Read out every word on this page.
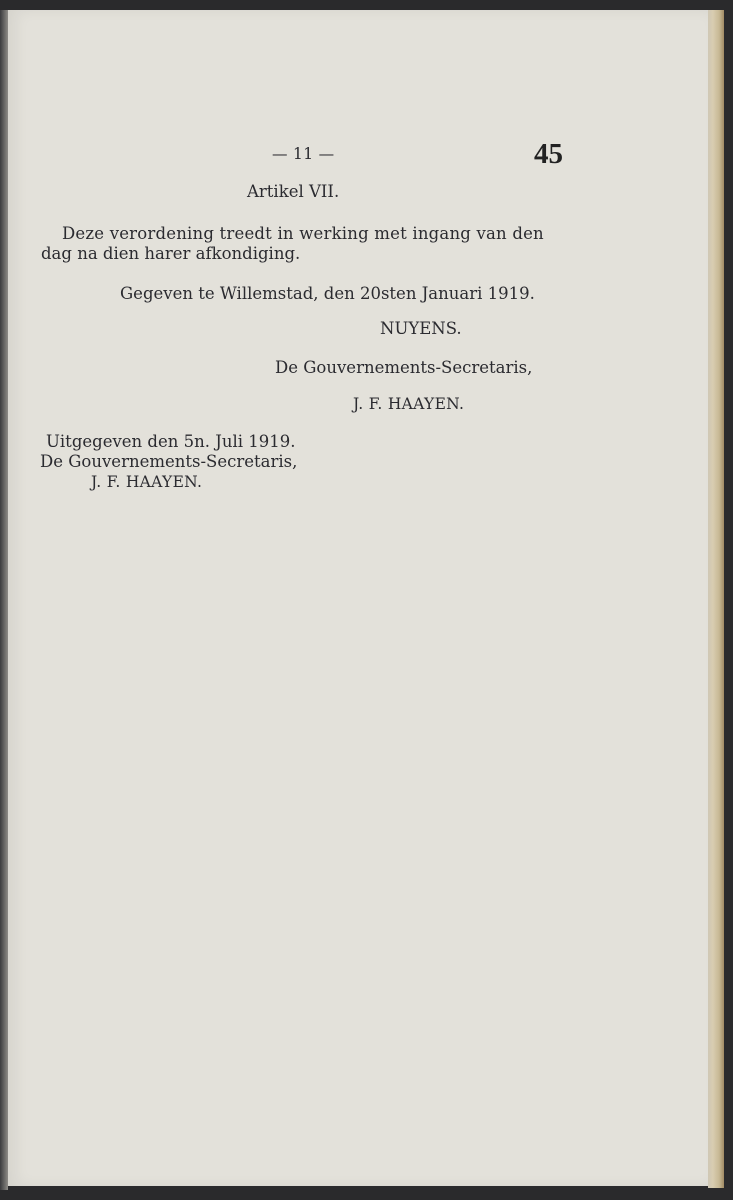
— 11 —	45
Artikel VII.
Deze verordening treedt in werking met ingang van den
dag na dien harer afkondiging.
Gegeven te Willemstad, den 20sten Januari 1919.
NUYENS.
De Gouvernements-Secretaris,
J. F. HAAYEN.
Uitgegeven den 5n. Juli 1919.
De Gouvernements-Secretaris,
J. F. HAAYEN.
